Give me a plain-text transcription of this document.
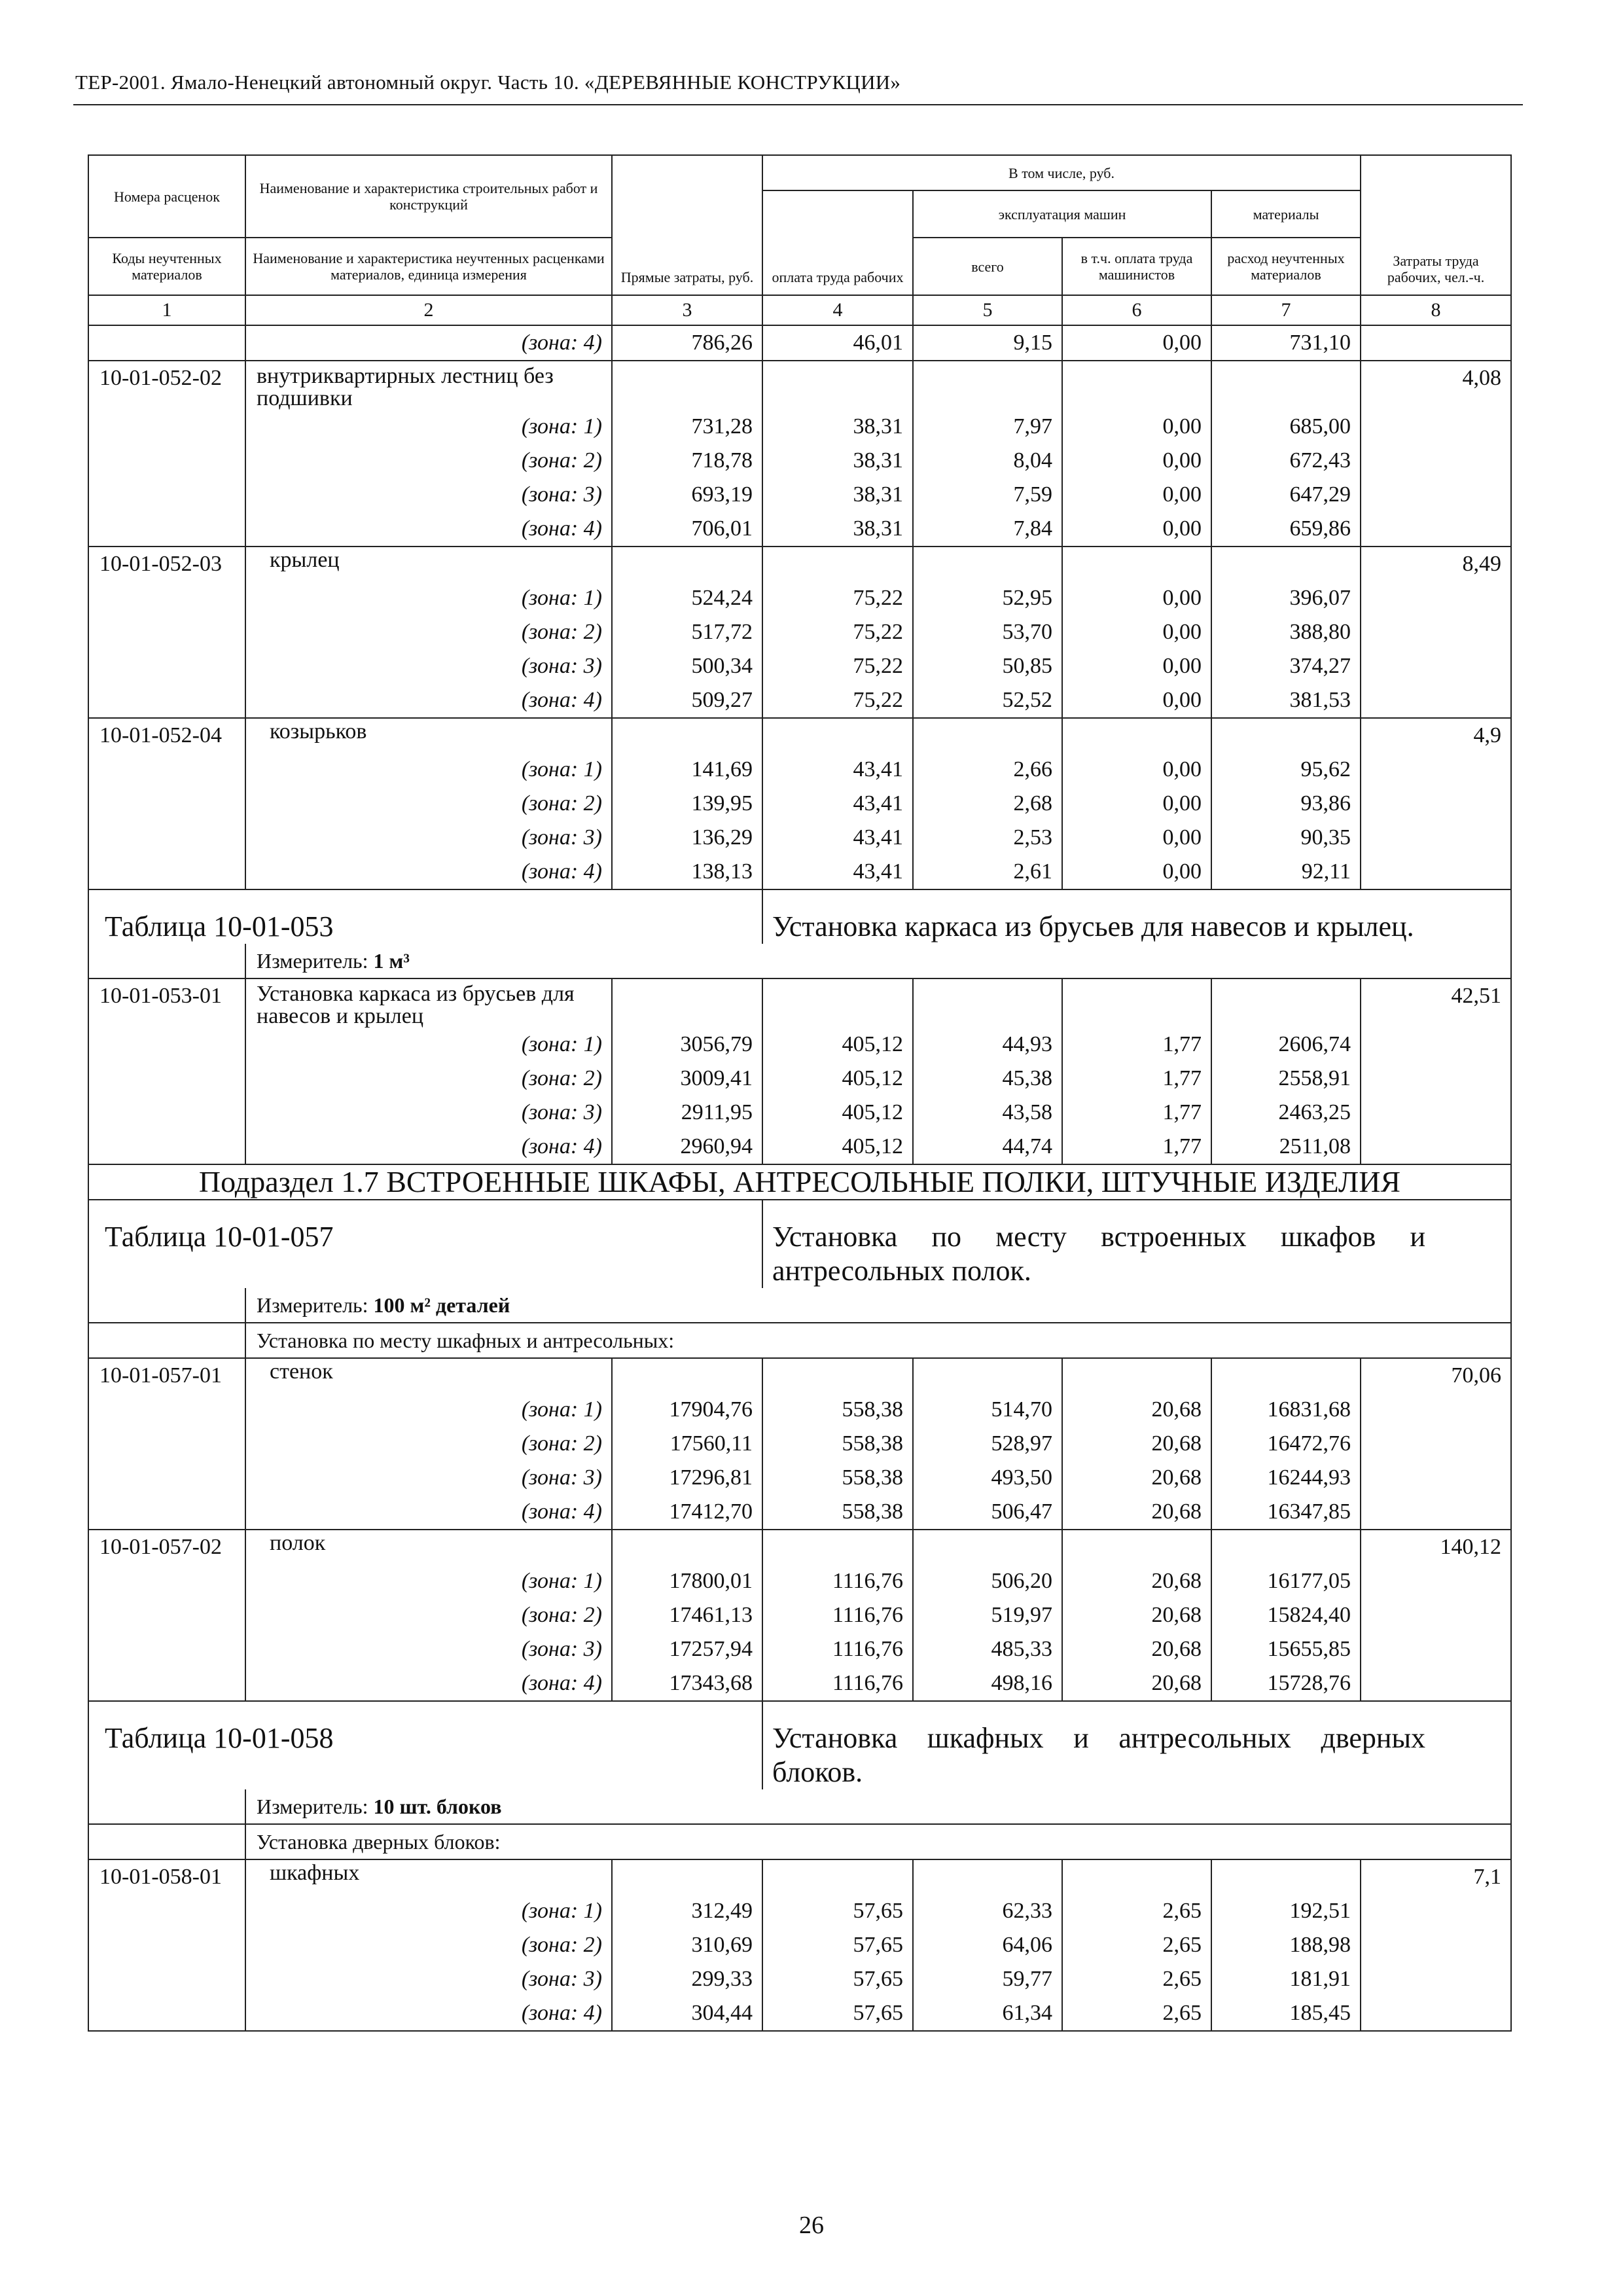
ТЕР-2001. Ямало-Ненецкий автономный округ. Часть 10. «ДЕРЕВЯННЫЕ КОНСТРУКЦИИ»
Номера расценок	Наименование и характеристика строительных работ и конструкций	Прямые затраты, руб.	В том числе, руб.				Затраты труда рабочих, чел.-ч.
			оплата труда рабочих	эксплуатация машин		материалы	
Коды неучтенных материалов	Наименование и характеристика неучтенных расценками материалов, единица измерения			всего	в т.ч. оплата труда машинистов	расход неучтенных материалов	

1	2	3	4	5	6	7	8
	(зона: 4)	786,26	46,01	9,15	0,00	731,10	
10-01-052-02	внутриквартирных лестниц без подшивки						4,08
	(зона: 1)	731,28	38,31	7,97	0,00	685,00	
	(зона: 2)	718,78	38,31	8,04	0,00	672,43	
	(зона: 3)	693,19	38,31	7,59	0,00	647,29	
	(зона: 4)	706,01	38,31	7,84	0,00	659,86	
10-01-052-03	крылец						8,49
	(зона: 1)	524,24	75,22	52,95	0,00	396,07	
	(зона: 2)	517,72	75,22	53,70	0,00	388,80	
	(зона: 3)	500,34	75,22	50,85	0,00	374,27	
	(зона: 4)	509,27	75,22	52,52	0,00	381,53	
10-01-052-04	козырьков						4,9
	(зона: 1)	141,69	43,41	2,66	0,00	95,62	
	(зона: 2)	139,95	43,41	2,68	0,00	93,86	
	(зона: 3)	136,29	43,41	2,53	0,00	90,35	
	(зона: 4)	138,13	43,41	2,61	0,00	92,11	
Таблица 10-01-053			Установка каркаса из брусьев для навесов и крылец.				
	Измеритель: 1 м³						
10-01-053-01	Установка каркаса из брусьев для навесов и крылец						42,51
	(зона: 1)	3056,79	405,12	44,93	1,77	2606,74	
	(зона: 2)	3009,41	405,12	45,38	1,77	2558,91	
	(зона: 3)	2911,95	405,12	43,58	1,77	2463,25	
	(зона: 4)	2960,94	405,12	44,74	1,77	2511,08	
Подраздел 1.7 ВСТРОЕННЫЕ ШКАФЫ, АНТРЕСОЛЬНЫЕ ПОЛКИ, ШТУЧНЫЕ ИЗДЕЛИЯ							
Таблица 10-01-057			Установка по месту встроенных шкафов и антресольных полок.				
	Измеритель: 100 м² деталей						
	Установка по месту шкафных и антресольных:						
10-01-057-01	стенок						70,06
	(зона: 1)	17904,76	558,38	514,70	20,68	16831,68	
	(зона: 2)	17560,11	558,38	528,97	20,68	16472,76	
	(зона: 3)	17296,81	558,38	493,50	20,68	16244,93	
	(зона: 4)	17412,70	558,38	506,47	20,68	16347,85	
10-01-057-02	полок						140,12
	(зона: 1)	17800,01	1116,76	506,20	20,68	16177,05	
	(зона: 2)	17461,13	1116,76	519,97	20,68	15824,40	
	(зона: 3)	17257,94	1116,76	485,33	20,68	15655,85	
	(зона: 4)	17343,68	1116,76	498,16	20,68	15728,76	
Таблица 10-01-058			Установка шкафных и антресольных дверных блоков.				
	Измеритель: 10 шт. блоков						
	Установка дверных блоков:						
10-01-058-01	шкафных						7,1
	(зона: 1)	312,49	57,65	62,33	2,65	192,51	
	(зона: 2)	310,69	57,65	64,06	2,65	188,98	
	(зона: 3)	299,33	57,65	59,77	2,65	181,91	
	(зона: 4)	304,44	57,65	61,34	2,65	185,45	
26
